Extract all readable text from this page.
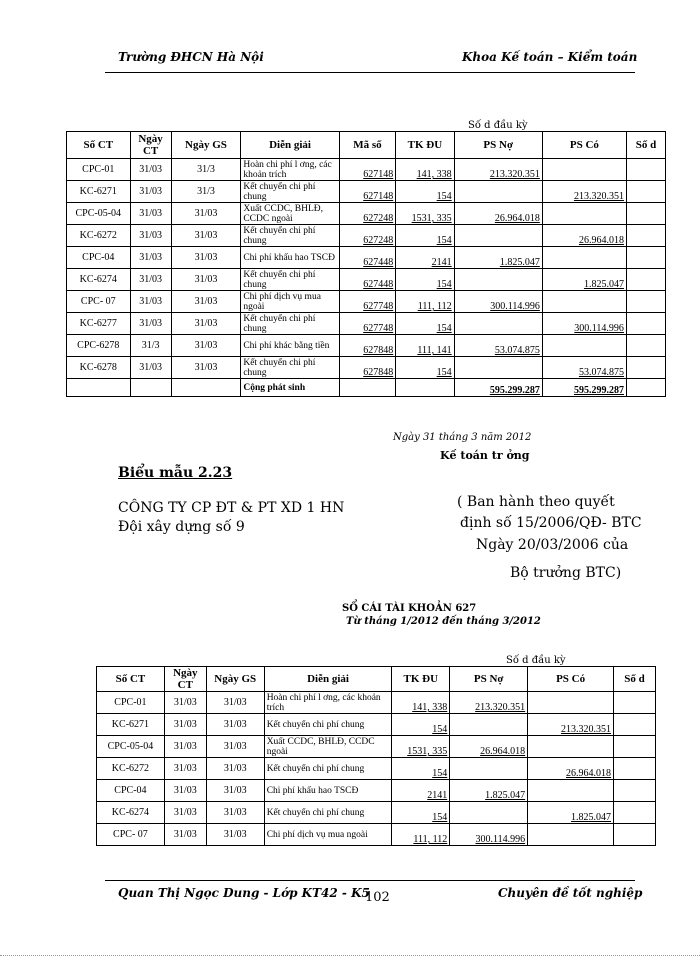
Trường ĐHCN Hà Nội	Khoa Kế toán – Kiểm toán
Số d đầu kỳ
Số CT	Ngày CT	Ngày GS	Diễn giải	Mã số	TK ĐU	PS Nợ	PS Có	Số d
CPC-01	31/03	31/3	Hoàn chi phí l ơng, các khoản trích	627148	141, 338	213.320.351		
KC-6271	31/03	31/3	Kết chuyển chi phí chung	627148	154		213.320.351	
CPC-05-04	31/03	31/03	Xuất CCDC, BHLĐ, CCDC ngoài	627248	1531, 335	26.964.018		
KC-6272	31/03	31/03	Kết chuyển chi phí chung	627248	154		26.964.018	
CPC-04	31/03	31/03	Chi phí khấu hao TSCĐ	627448	2141	1.825.047		
KC-6274	31/03	31/03	Kết chuyển chi phí chung	627448	154		1.825.047	
CPC- 07	31/03	31/03	Chi phí dịch vụ mua ngoài	627748	111, 112	300.114.996		
KC-6277	31/03	31/03	Kết chuyển chi phí chung	627748	154		300.114.996	
CPC-6278	31/3	31/03	Chi phí khác bằng tiền	627848	111, 141	53.074.875		
KC-6278	31/03	31/03	Kết chuyển chi phí chung	627848	154		53.074.875	
			Cộng phát sinh			595.299.287	595.299.287	
Ngày 31 tháng 3 năm 2012
Kế toán tr ởng
Biểu mẫu 2.23
CÔNG TY CP ĐT & PT XD 1 HN
Đội xây dựng số 9
( Ban hành theo quyết
định số 15/2006/QĐ- BTC
Ngày 20/03/2006 của
Bộ trưởng BTC)
SỔ CÁI TÀI KHOẢN 627
Từ tháng 1/2012 đến tháng 3/2012
Số d đầu kỳ
Số CT	Ngày CT	Ngày GS	Diễn giải	TK ĐU	PS Nợ	PS Có	Số d
CPC-01	31/03	31/03	Hoàn chi phí l ơng, các khoản trích	141, 338	213.320.351		
KC-6271	31/03	31/03	Kết chuyển chi phí chung	154		213.320.351	
CPC-05-04	31/03	31/03	Xuất CCDC, BHLĐ, CCDC ngoài	1531, 335	26.964.018		
KC-6272	31/03	31/03	Kết chuyển chi phí chung	154		26.964.018	
CPC-04	31/03	31/03	Chi phí khấu hao TSCĐ	2141	1.825.047		
KC-6274	31/03	31/03	Kết chuyển chi phí chung	154		1.825.047	
CPC- 07	31/03	31/03	Chi phí dịch vụ mua ngoài	111, 112	300.114.996		
Quan Thị Ngọc Dung - Lớp KT42 - K5
102	Chuyên đề tốt nghiệp
